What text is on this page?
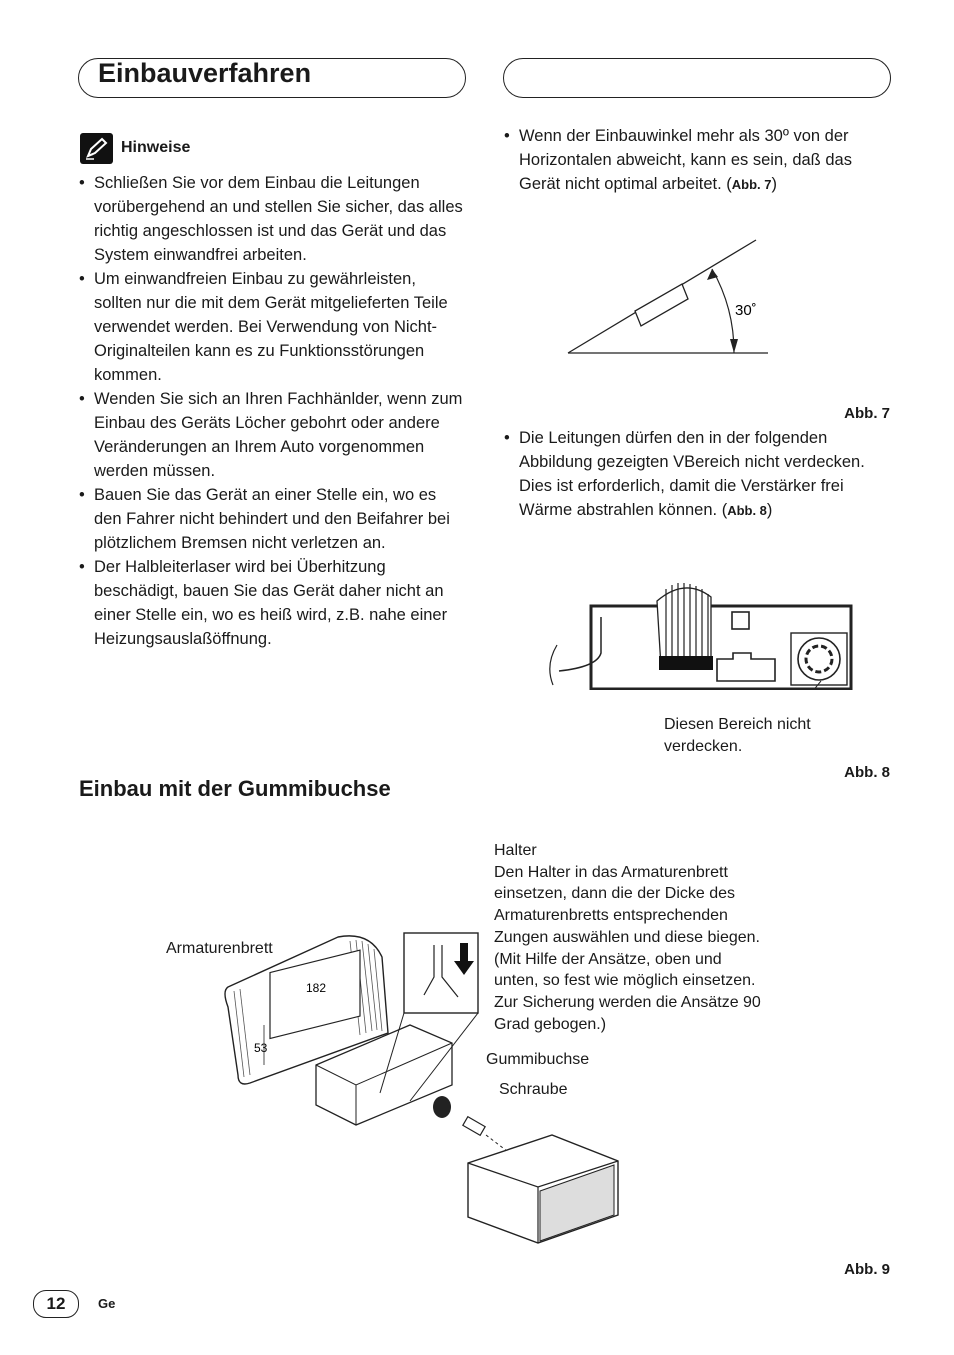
Einbauverfahren
Hinweise
• Schließen Sie vor dem Einbau die Leitungen vorübergehend an und stellen Sie sicher, das alles richtig angeschlossen ist und das Gerät und das System einwandfrei arbeiten.
• Um einwandfreien Einbau zu gewährleisten, sollten nur die mit dem Gerät mitgelieferten Teile verwendet werden. Bei Verwendung von Nicht-Originalteilen kann es zu Funktionsstörungen kommen.
• Wenden Sie sich an Ihren Fachhänlder, wenn zum Einbau des Geräts Löcher gebohrt oder andere Veränderungen an Ihrem Auto vorgenommen werden müssen.
• Bauen Sie das Gerät an einer Stelle ein, wo es den Fahrer nicht behindert und den Beifahrer bei plötzlichem Bremsen nicht verletzen an.
• Der Halbleiterlaser wird bei Überhitzung beschädigt, bauen Sie das Gerät daher nicht an einer Stelle ein, wo es heiß wird, z.B. nahe einer Heizungsauslaßöffnung.
• Wenn der Einbauwinkel mehr als 30º von der Horizontalen abweicht, kann es sein, daß das Gerät nicht optimal arbeitet. (Abb. 7)
30˚
Abb. 7
• Die Leitungen dürfen den in der folgenden Abbildung gezeigten VBereich nicht verdecken. Dies ist erforderlich, damit die Verstärker frei Wärme abstrahlen können. (Abb. 8)
Diesen Bereich nicht
verdecken.
Abb. 8
Einbau mit der Gummibuchse
Halter
Den Halter in das Armaturenbrett
einsetzen, dann die der Dicke des
Armaturenbretts entsprechenden
Zungen auswählen und diese biegen.
(Mit Hilfe der Ansätze, oben und
unten, so fest wie möglich einsetzen.
Zur Sicherung werden die Ansätze 90
Grad gebogen.)
Armaturenbrett
Gummibuchse
Schraube
182
53
Abb. 9
12	Ge
